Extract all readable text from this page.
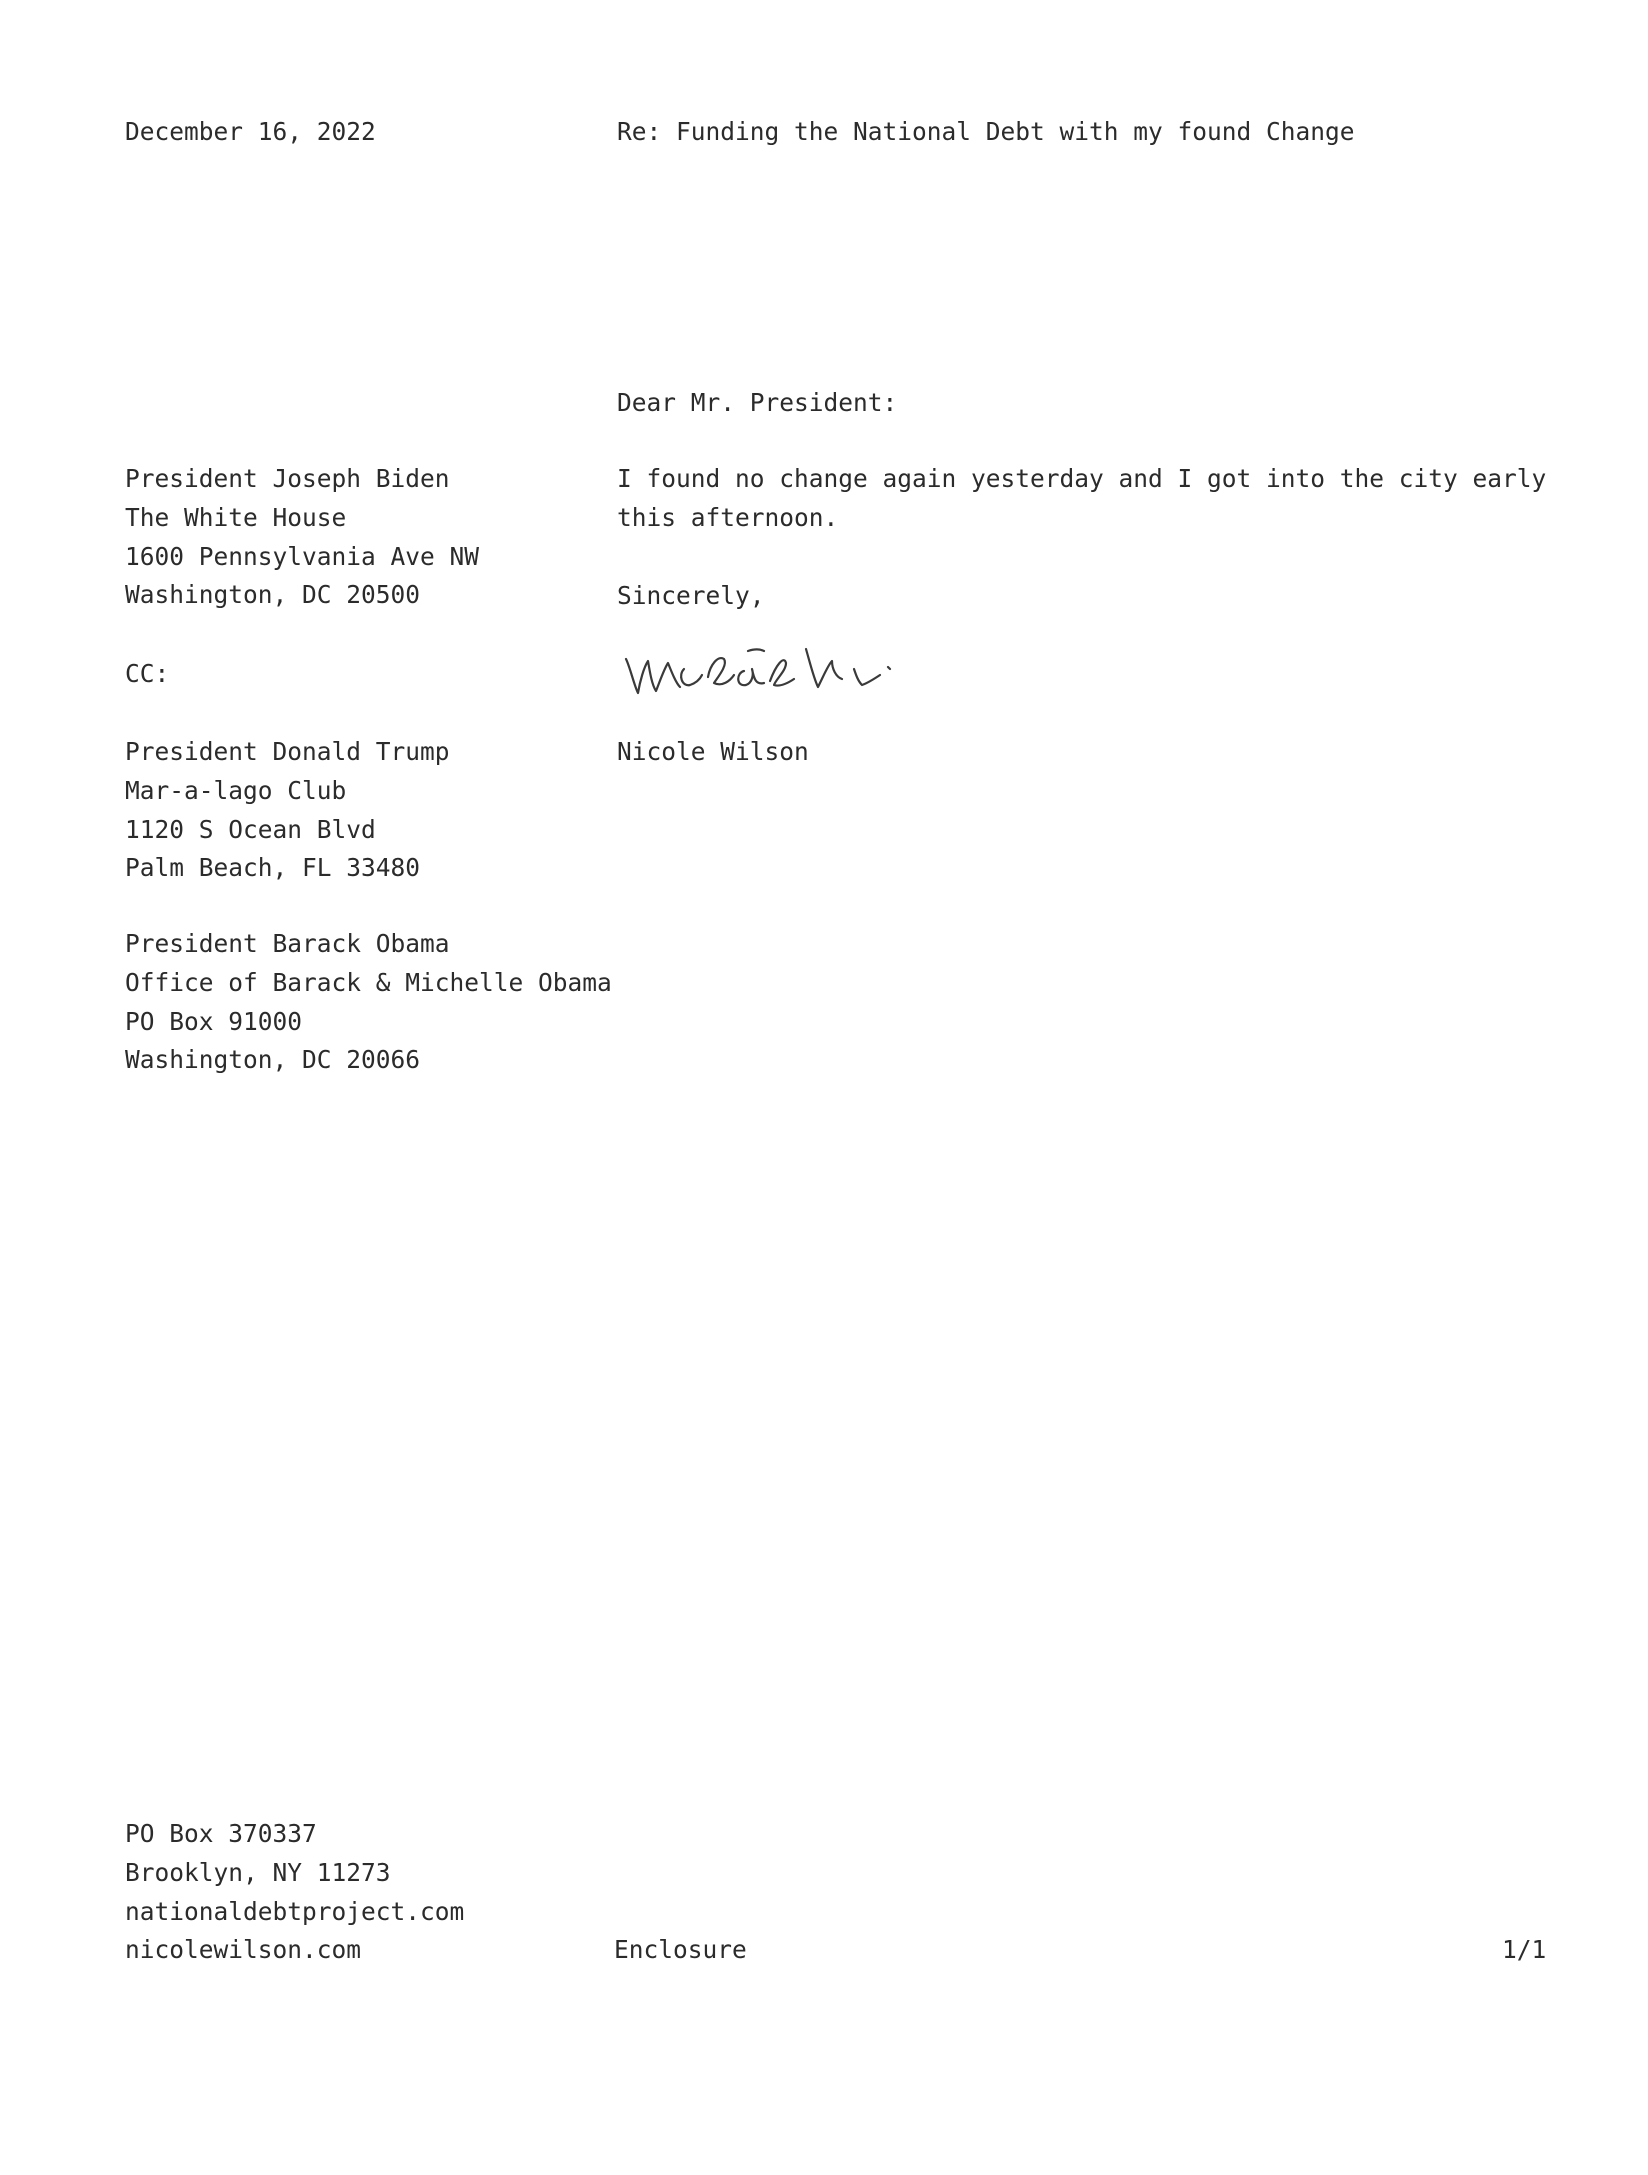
December 16, 2022	Re: Funding the National Debt with my found Change
Dear Mr. President:
President Joseph Biden
The White House
1600 Pennsylvania Ave NW
Washington, DC 20500
I found no change again yesterday and I got into the city early
this afternoon.
Sincerely,
Nicole Wilson
CC:
President Donald Trump
Mar-a-lago Club
1120 S Ocean Blvd
Palm Beach, FL 33480
President Barack Obama
Office of Barack & Michelle Obama
PO Box 91000
Washington, DC 20066
PO Box 370337
Brooklyn, NY 11273
nationaldebtproject.com
nicolewilson.com	Enclosure	1/1
